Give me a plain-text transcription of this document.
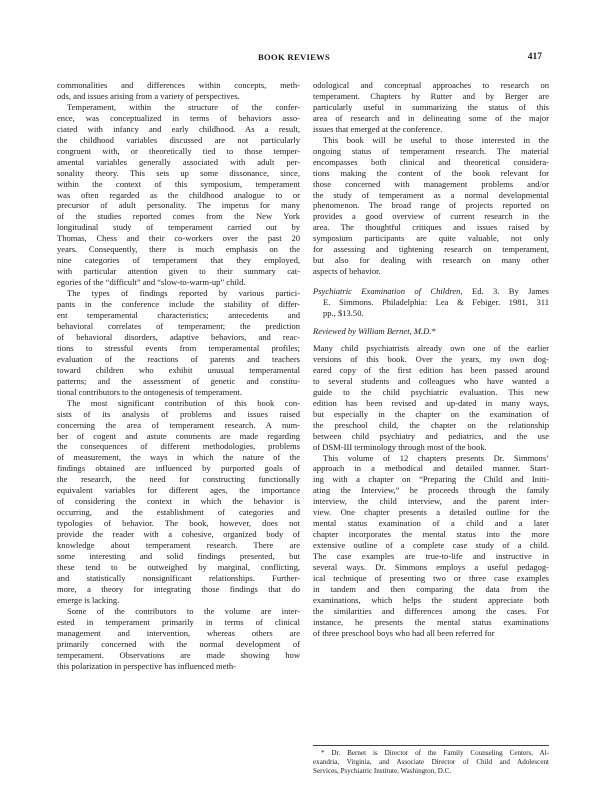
BOOK REVIEWS	417

commonalities and differences within concepts, meth-
ods, and issues arising from a variety of perspectives.

Temperament, within the structure of the confer-
ence, was conceptualized in terms of behaviors asso-
ciated with infancy and early childhood. As a result,
the childhood variables discussed are not particularly
congruent with, or theoretically tied to those temper-
amental variables generally associated with adult per-
sonality theory. This sets up some dissonance, since,
within the context of this symposium, temperament
was often regarded as the childhood analogue to or
precursor of adult personality. The impetus for many
of the studies reported comes from the New York
longitudinal study of temperament carried out by
Thomas, Chess and their co-workers over the past 20
years. Consequently, there is much emphasis on the
nine categories of temperament that they employed,
with particular attention given to their summary cat-
egories of the “difficult” and “slow-to-warm-up” child.

The types of findings reported by various partici-
pants in the conference include the stability of differ-
ent temperamental characteristics; antecedents and
behavioral correlates of temperament; the prediction
of behavioral disorders, adaptive behaviors, and reac-
tions to stressful events from temperamental profiles;
evaluation of the reactions of parents and teachers
toward children who exhibit unusual temperamental
patterns; and the assessment of genetic and constitu-
tional contributors to the ontogenesis of temperament.

The most significant contribution of this book con-
sists of its analysis of problems and issues raised
concerning the area of temperament research. A num-
ber of cogent and astute comments are made regarding
the consequences of different methodologies, problems
of measurement, the ways in which the nature of the
findings obtained are influenced by purported goals of
the research, the need for constructing functionally
equivalent variables for different ages, the importance
of considering the context in which the behavior is
occurring, and the establishment of categories and
typologies of behavior. The book, however, does not
provide the reader with a cohesive, organized body of
knowledge about temperament research. There are
some interesting and solid findings presented, but
these tend to be outweighed by marginal, conflicting,
and statistically nonsignificant relationships. Further-
more, a theory for integrating those findings that do
emerge is lacking.

Some of the contributors to the volume are inter-
ested in temperament primarily in terms of clinical
management and intervention, whereas others are
primarily concerned with the normal development of
temperament. Observations are made showing how
this polarization in perspective has influenced meth-

odological and conceptual approaches to research on
temperament. Chapters by Rutter and by Berger are
particularly useful in summarizing the status of this
area of research and in delineating some of the major
issues that emerged at the conference.

This book will be useful to those interested in the
ongoing status of temperament research. The material
encompasses both clinical and theoretical considera-
tions making the content of the book relevant for
those concerned with management problems and/or
the study of temperament as a normal developmental
phenomenon. The broad range of projects reported on
provides a good overview of current research in the
area. The thoughtful critiques and issues raised by
symposium participants are quite valuable, not only
for assessing and tightening research on temperament,
but also for dealing with research on many other
aspects of behavior.

Psychiatric Examination of Children, Ed. 3. By James
E. Simmons. Philadelphia: Lea & Febiger. 1981, 311
pp., $13.50.

Reviewed by William Bernet, M.D.*

Many child psychiatrists already own one of the earlier
versions of this book. Over the years, my own dog-
eared copy of the first edition has been passed around
to several students and colleagues who have wanted a
guide to the child psychiatric evaluation. This new
edition has been revised and up-dated in many ways,
but especially in the chapter on the examination of
the preschool child, the chapter on the relationship
between child psychiatry and pediatrics, and the use
of DSM-III terminology through most of the book.

This volume of 12 chapters presents Dr. Simmons’
approach in a methodical and detailed manner. Start-
ing with a chapter on “Preparing the Child and Initi-
ating the Interview,” he proceeds through the family
interview, the child interview, and the parent inter-
view. One chapter presents a detailed outline for the
mental status examination of a child and a later
chapter incorporates the mental status into the more
extensive outline of a complete case study of a child.
The case examples are true-to-life and instructive in
several ways. Dr. Simmons employs a useful pedagog-
ical technique of presenting two or three case examples
in tandem and then comparing the data from the
examinations, which helps the student appreciate both
the similarities and differences among the cases. For
instance, he presents the mental status examinations
of three preschool boys who had all been referred for

* Dr. Bernet is Director of the Family Counseling Centers, Al-
exandria, Virginia, and Associate Director of Child and Adolescent
Services, Psychiatric Institute, Washington, D.C.
